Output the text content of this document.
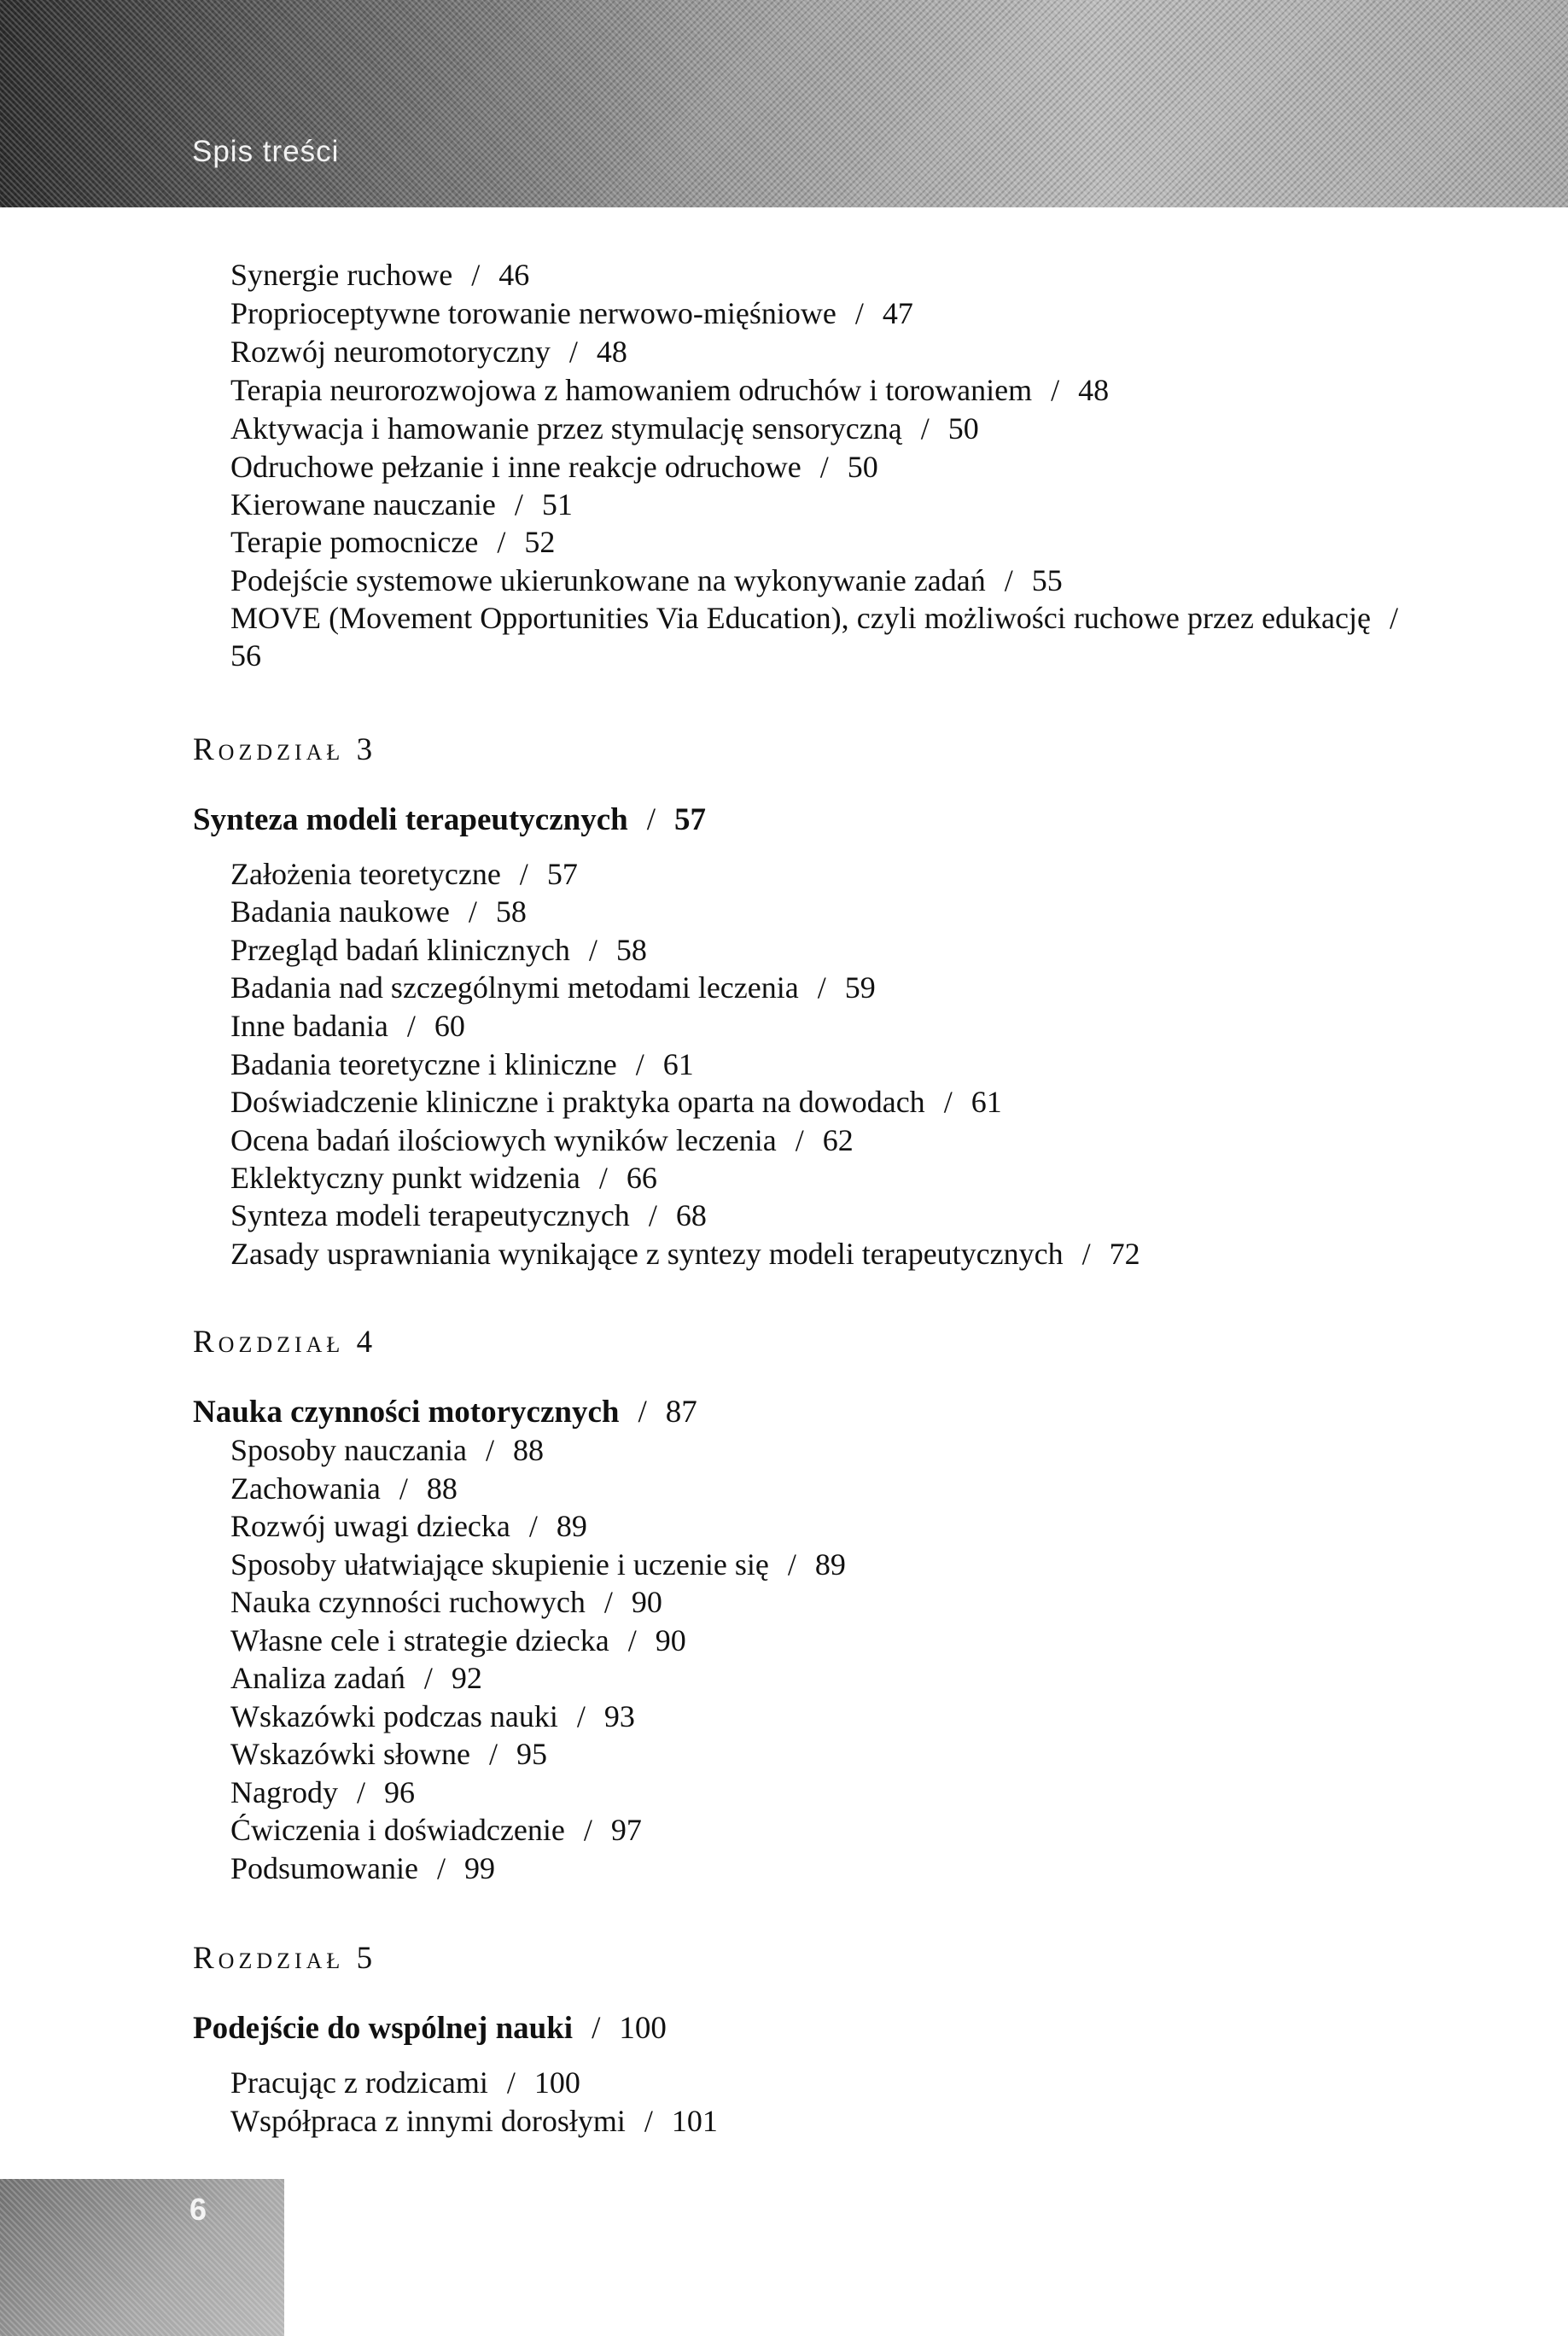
Spis treści
Synergie ruchowe / 46
Proprioceptywne torowanie nerwowo-mięśniowe / 47
Rozwój neuromotoryczny / 48
Terapia neurorozwojowa z hamowaniem odruchów i torowaniem / 48
Aktywacja i hamowanie przez stymulację sensoryczną / 50
Odruchowe pełzanie i inne reakcje odruchowe / 50
Kierowane nauczanie / 51
Terapie pomocnicze / 52
Podejście systemowe ukierunkowane na wykonywanie zadań / 55
MOVE (Movement Opportunities Via Education), czyli możliwości ruchowe przez edukację /56
Rozdział 3
Synteza modeli terapeutycznych / 57
Założenia teoretyczne / 57
Badania naukowe / 58
Przegląd badań klinicznych / 58
Badania nad szczególnymi metodami leczenia / 59
Inne badania / 60
Badania teoretyczne i kliniczne / 61
Doświadczenie kliniczne i praktyka oparta na dowodach / 61
Ocena badań ilościowych wyników leczenia / 62
Eklektyczny punkt widzenia / 66
Synteza modeli terapeutycznych / 68
Zasady usprawniania wynikające z syntezy modeli terapeutycznych / 72
Rozdział 4
Nauka czynności motorycznych / 87
Sposoby nauczania / 88
Zachowania / 88
Rozwój uwagi dziecka / 89
Sposoby ułatwiające skupienie i uczenie się / 89
Nauka czynności ruchowych / 90
Własne cele i strategie dziecka / 90
Analiza zadań / 92
Wskazówki podczas nauki / 93
Wskazówki słowne / 95
Nagrody / 96
Ćwiczenia i doświadczenie / 97
Podsumowanie / 99
Rozdział 5
Podejście do wspólnej nauki / 100
Pracując z rodzicami / 100
Współpraca z innymi dorosłymi / 101
6
